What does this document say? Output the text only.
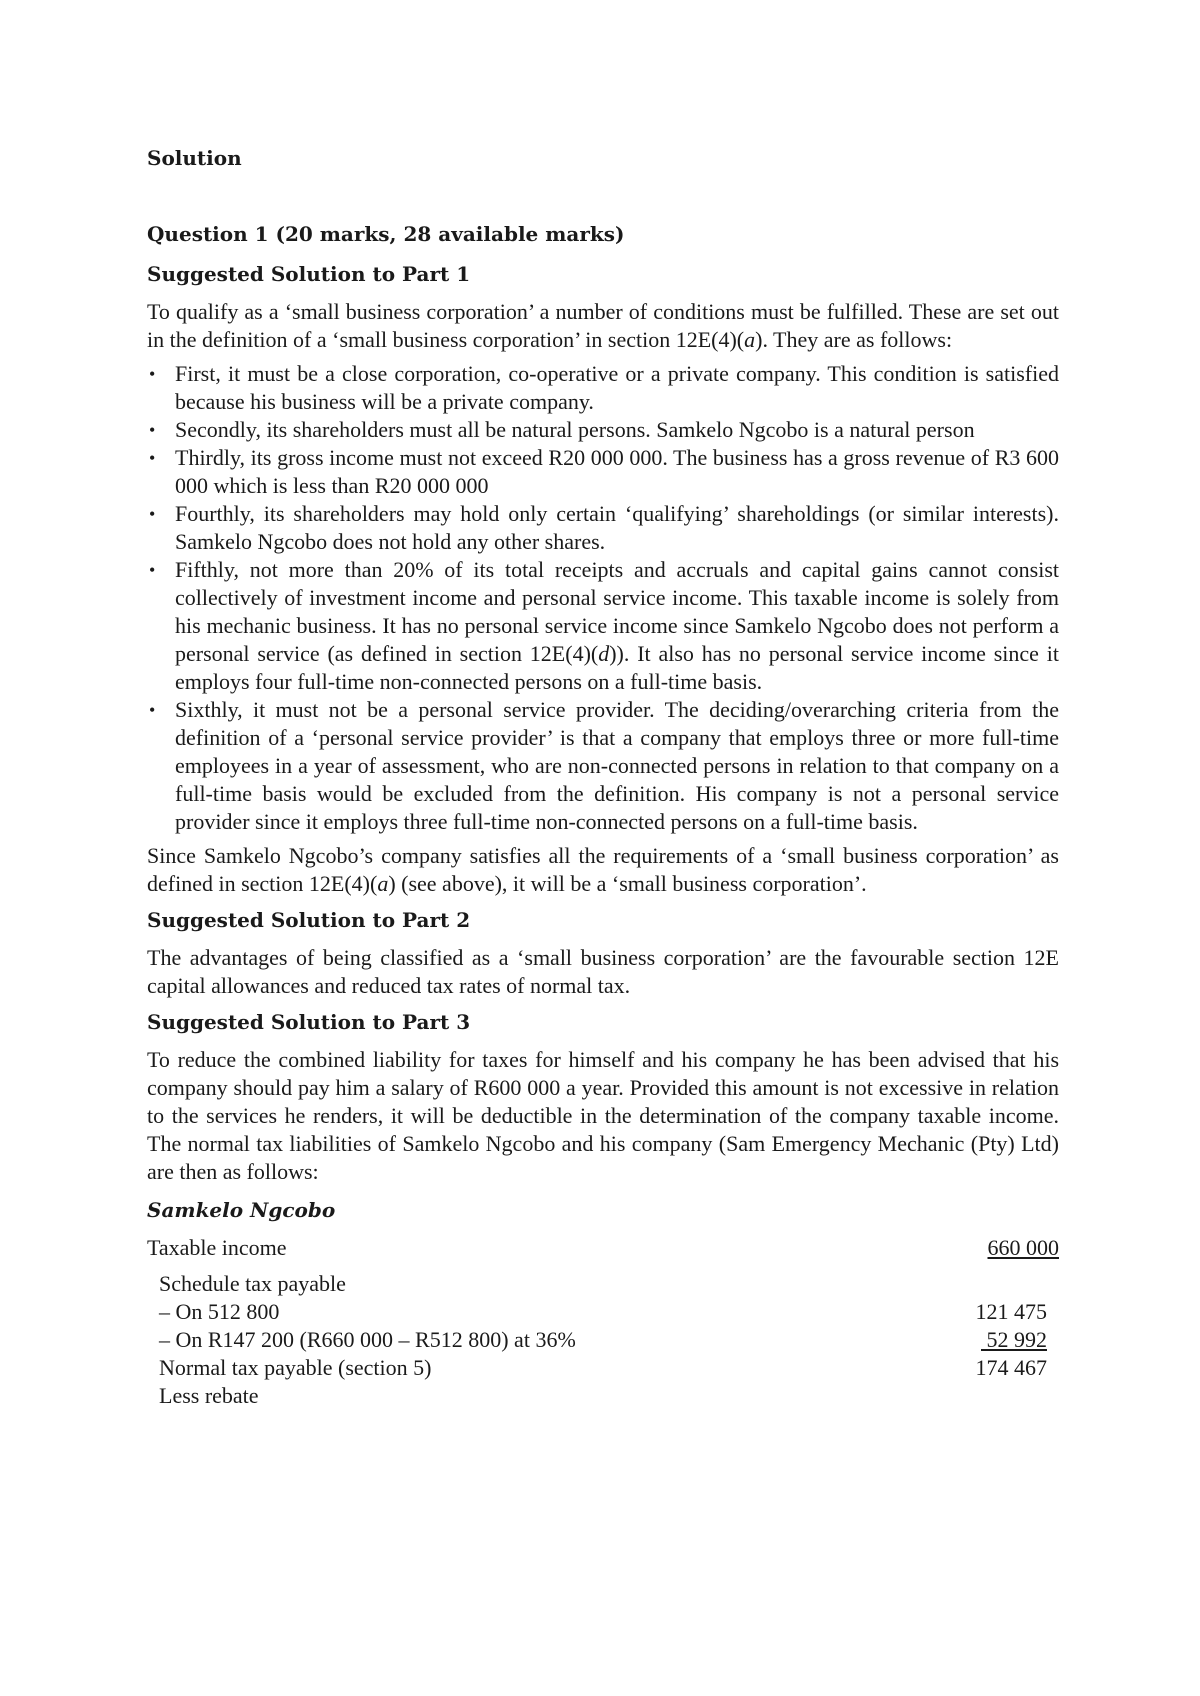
Solution
Question 1 (20 marks, 28 available marks)
Suggested Solution to Part 1

To qualify as a ‘small business corporation’ a number of conditions must be fulfilled. These are set out in the definition of a ‘small business corporation’ in section 12E(4)(a). They are as follows:

• First, it must be a close corporation, co-operative or a private company. This condition is satisfied because his business will be a private company.
• Secondly, its shareholders must all be natural persons. Samkelo Ngcobo is a natural person
• Thirdly, its gross income must not exceed R20 000 000. The business has a gross revenue of R3 600 000 which is less than R20 000 000
• Fourthly, its shareholders may hold only certain ‘qualifying’ shareholdings (or similar interests). Samkelo Ngcobo does not hold any other shares.
• Fifthly, not more than 20% of its total receipts and accruals and capital gains cannot consist collectively of investment income and personal service income. This taxable income is solely from his mechanic business. It has no personal service income since Samkelo Ngcobo does not perform a personal service (as defined in section 12E(4)(d)). It also has no personal service income since it employs four full-time non-connected persons on a full-time basis.
• Sixthly, it must not be a personal service provider. The deciding/overarching criteria from the definition of a ‘personal service provider’ is that a company that employs three or more full-time employees in a year of assessment, who are non-connected persons in relation to that company on a full-time basis would be excluded from the definition. His company is not a personal service provider since it employs three full-time non-connected persons on a full-time basis.

Since Samkelo Ngcobo’s company satisfies all the requirements of a ‘small business corporation’ as defined in section 12E(4)(a) (see above), it will be a ‘small business corporation’.

Suggested Solution to Part 2

The advantages of being classified as a ‘small business corporation’ are the favourable section 12E capital allowances and reduced tax rates of normal tax.

Suggested Solution to Part 3

To reduce the combined liability for taxes for himself and his company he has been advised that his company should pay him a salary of R600 000 a year. Provided this amount is not excessive in relation to the services he renders, it will be deductible in the determination of the company taxable income. The normal tax liabilities of Samkelo Ngcobo and his company (Sam Emergency Mechanic (Pty) Ltd) are then as follows:

Samkelo Ngcobo
Taxable income	660 000
Schedule tax payable
– On 512 800	121 475
– On R147 200 (R660 000 – R512 800) at 36%	52 992
Normal tax payable (section 5)	174 467
Less rebate
